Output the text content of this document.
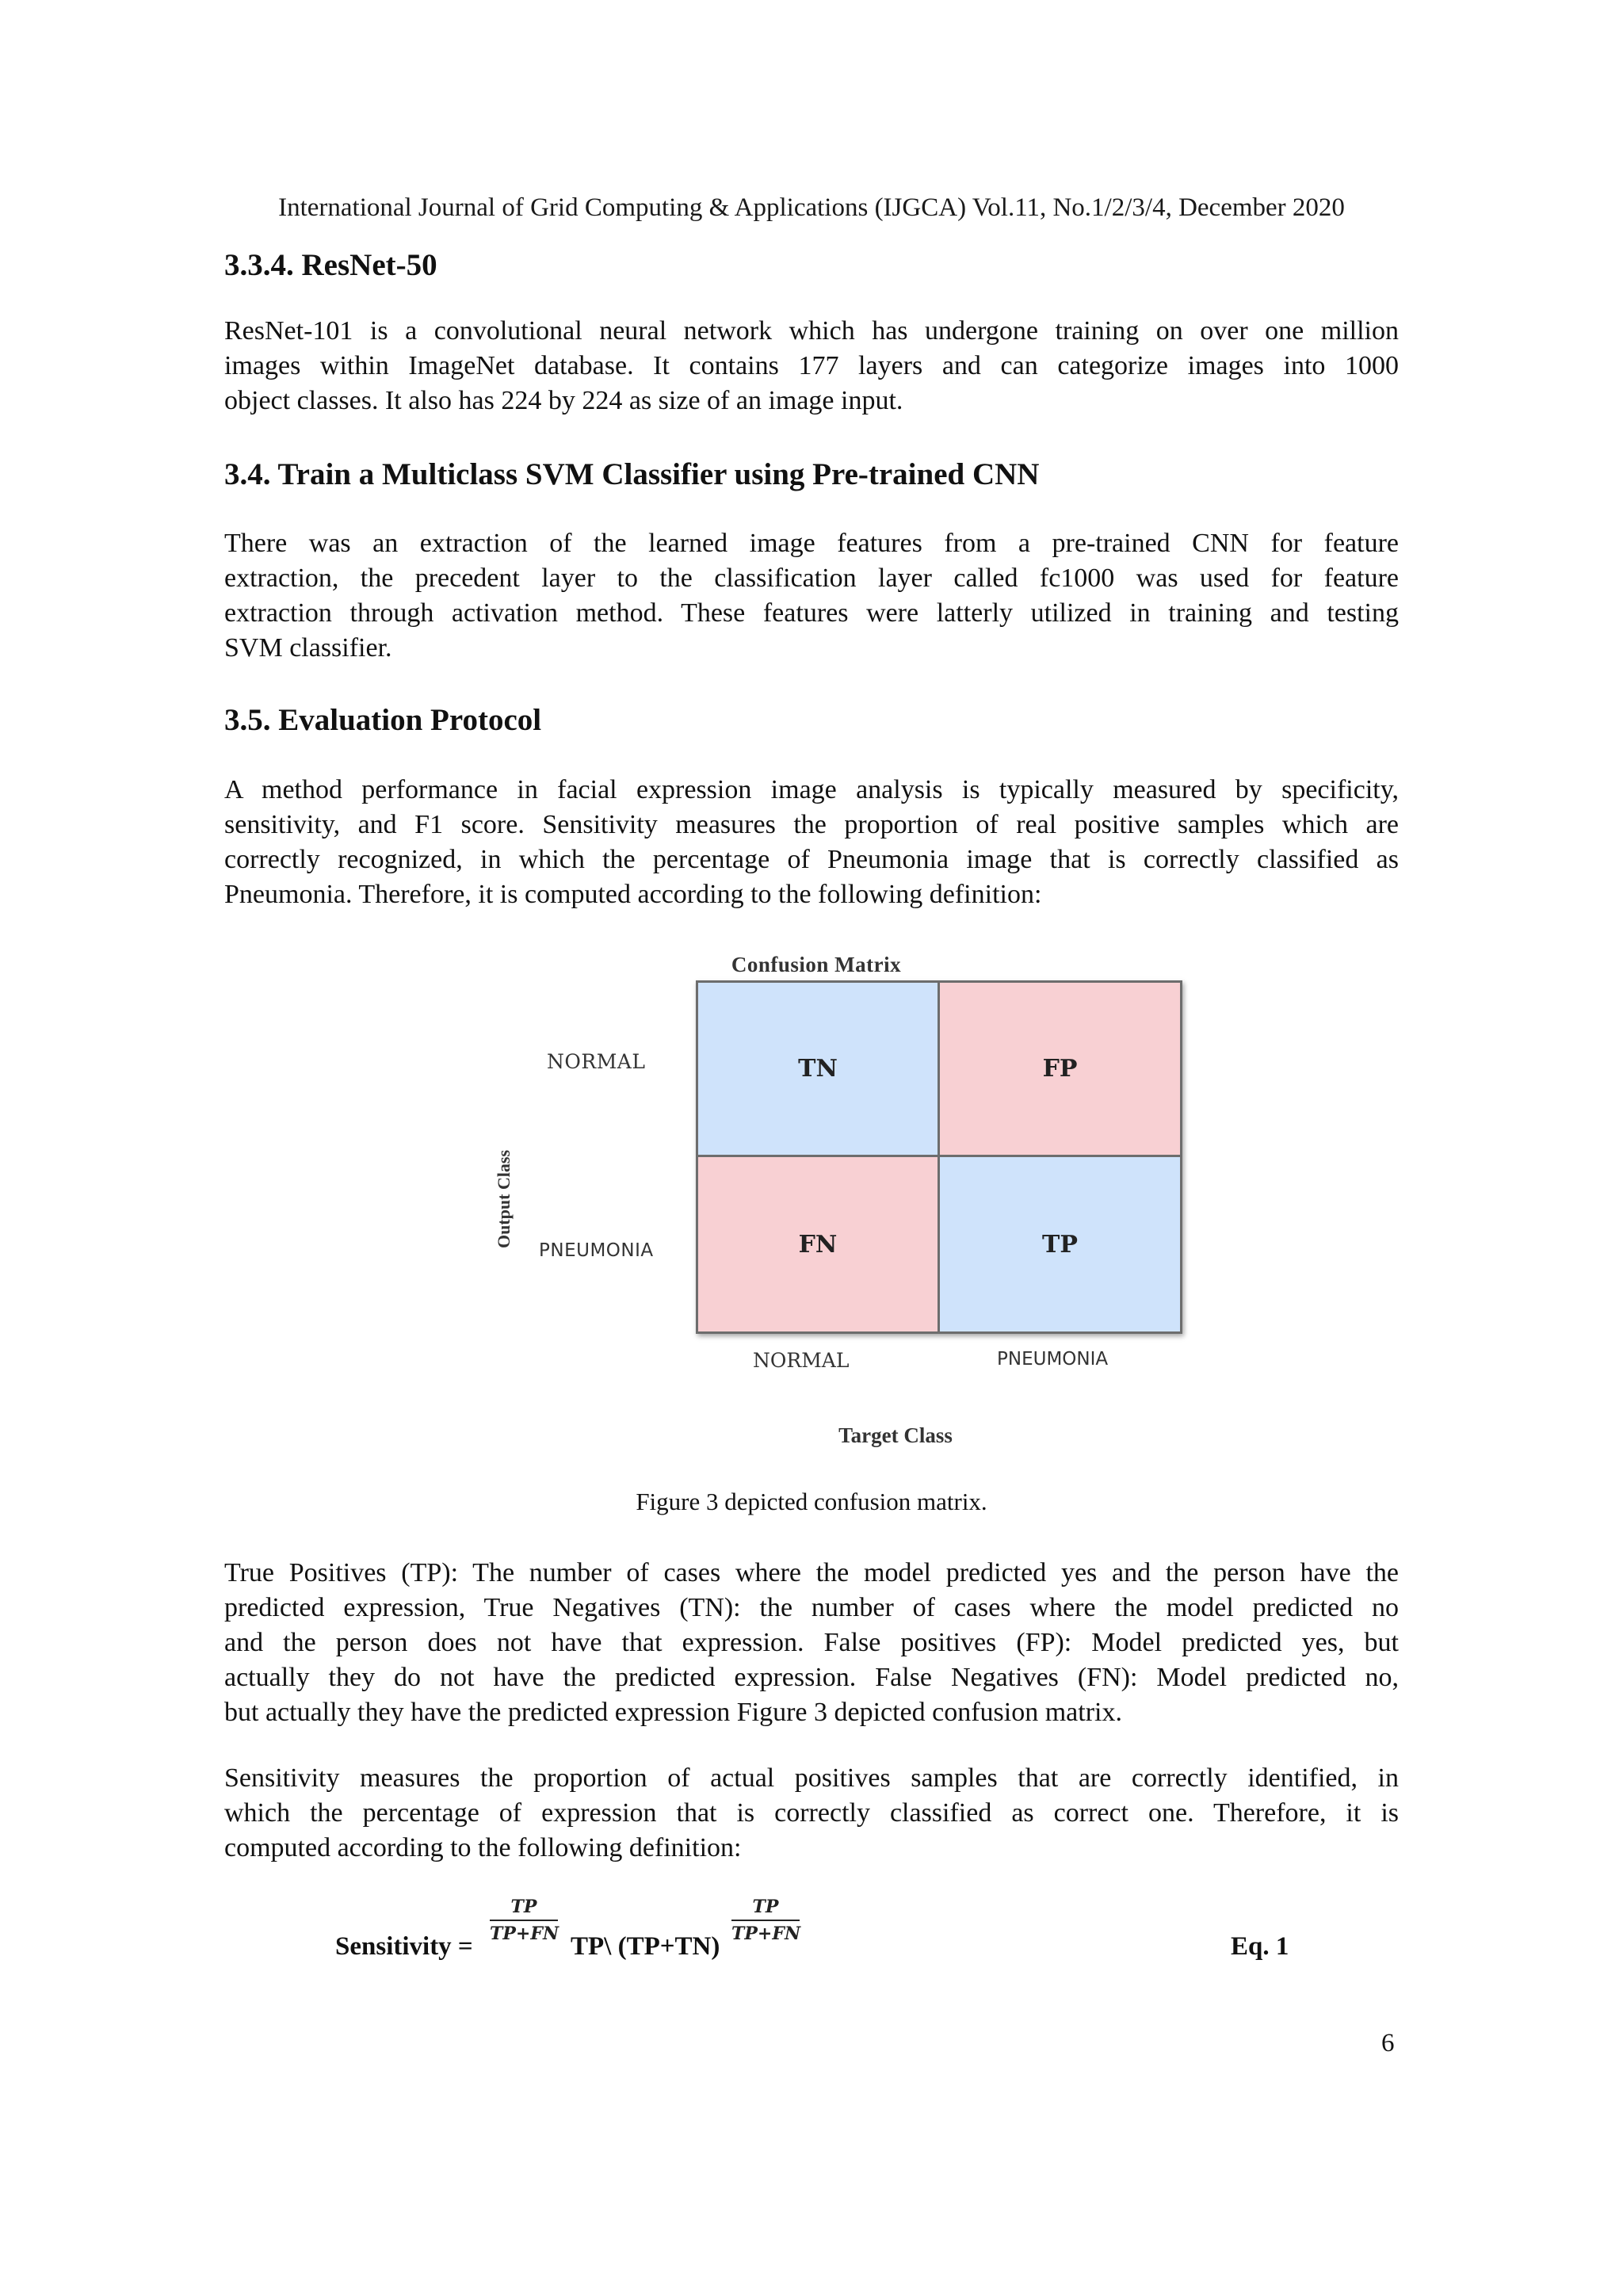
International Journal of Grid Computing & Applications (IJGCA) Vol.11, No.1/2/3/4, December 2020
3.3.4. ResNet-50
ResNet-101 is a convolutional neural network which has undergone training on over one million
images within ImageNet database. It contains 177 layers and can categorize images into 1000
object classes. It also has 224 by 224 as size of an image input.
3.4. Train a Multiclass SVM Classifier using Pre-trained CNN
There was an extraction of the learned image features from a pre-trained CNN for feature
extraction, the precedent layer to the classification layer called fc1000 was used for feature
extraction through activation method. These features were latterly utilized in training and testing
SVM classifier.
3.5. Evaluation Protocol
A method performance in facial expression image analysis is typically measured by specificity,
sensitivity, and F1 score. Sensitivity measures the proportion of real positive samples which are
correctly recognized, in which the percentage of Pneumonia image that is correctly classified as
Pneumonia. Therefore, it is computed according to the following definition:
Confusion Matrix
Output Class
NORMAL
PNEUMONIA
TN	FP
FN	TP
NORMAL	PNEUMONIA
Target Class
Figure 3 depicted confusion matrix.
True Positives (TP): The number of cases where the model predicted yes and the person have the
predicted expression, True Negatives (TN): the number of cases where the model predicted no
and the person does not have that expression. False positives (FP): Model predicted yes, but
actually they do not have the predicted expression. False Negatives (FN): Model predicted no,
but actually they have the predicted expression Figure 3 depicted confusion matrix.
Sensitivity measures the proportion of actual positives samples that are correctly identified, in
which the percentage of expression that is correctly classified as correct one. Therefore, it is
computed according to the following definition:
Sensitivity =
$\frac{TP}{TP+FN}$
TP\ (TP+TN)
$\frac{TP}{TP+FN}$
Eq. 1
6
